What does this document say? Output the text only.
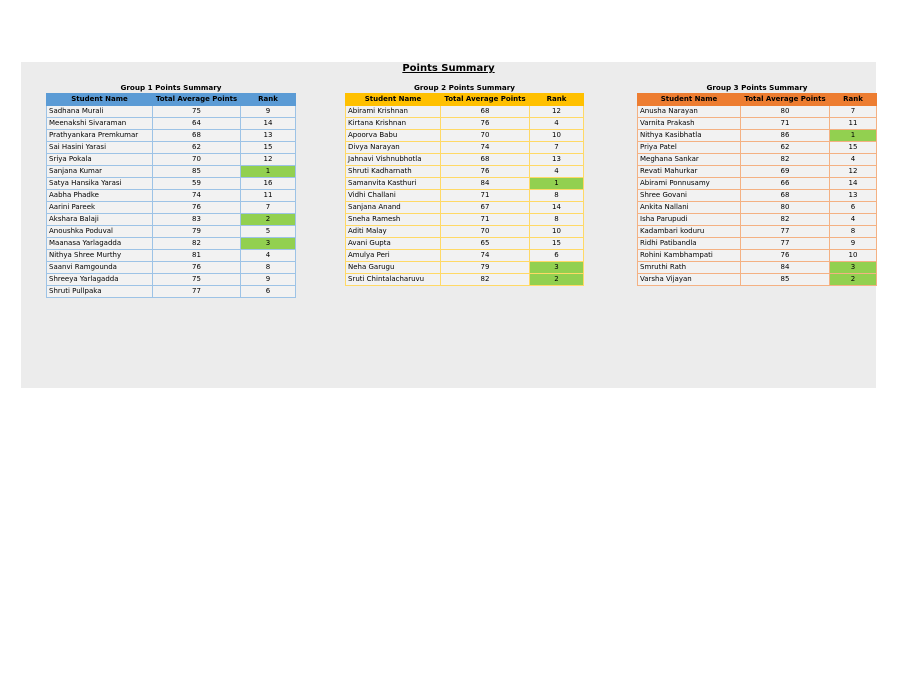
Points Summary
Group 1 Points Summary
Student Name	Total Average Points	Rank
Sadhana Murali	75	9
Meenakshi Sivaraman	64	14
Prathyankara Premkumar	68	13
Sai Hasini Yarasi	62	15
Sriya Pokala	70	12
Sanjana Kumar	85	1
Satya Hansika Yarasi	59	16
Aabha Phadke	74	11
Aarini Pareek	76	7
Akshara Balaji	83	2
Anoushka Poduval	79	5
Maanasa Yarlagadda	82	3
Nithya Shree Murthy	81	4
Saanvi Ramgounda	76	8
Shreeya Yarlagadda	75	9
Shruti Pullpaka	77	6
Group 2 Points Summary
Student Name	Total Average Points	Rank
Abirami Krishnan	68	12
Kirtana Krishnan	76	4
Apoorva Babu	70	10
Divya Narayan	74	7
Jahnavi Vishnubhotla	68	13
Shruti Kadharnath	76	4
Samanvita Kasthuri	84	1
Vidhi Challani	71	8
Sanjana Anand	67	14
Sneha Ramesh	71	8
Aditi Malay	70	10
Avani Gupta	65	15
Amulya Peri	74	6
Neha Garugu	79	3
Sruti Chintalacharuvu	82	2
Group 3 Points Summary
Student Name	Total Average Points	Rank
Anusha Narayan	80	7
Varnita Prakash	71	11
Nithya Kasibhatla	86	1
Priya Patel	62	15
Meghana Sankar	82	4
Revati Mahurkar	69	12
Abirami Ponnusamy	66	14
Shree Govani	68	13
Ankita Nallani	80	6
Isha Parupudi	82	4
Kadambari koduru	77	8
Ridhi Patibandla	77	9
Rohini Kambhampati	76	10
Smruthi Rath	84	3
Varsha Vijayan	85	2
